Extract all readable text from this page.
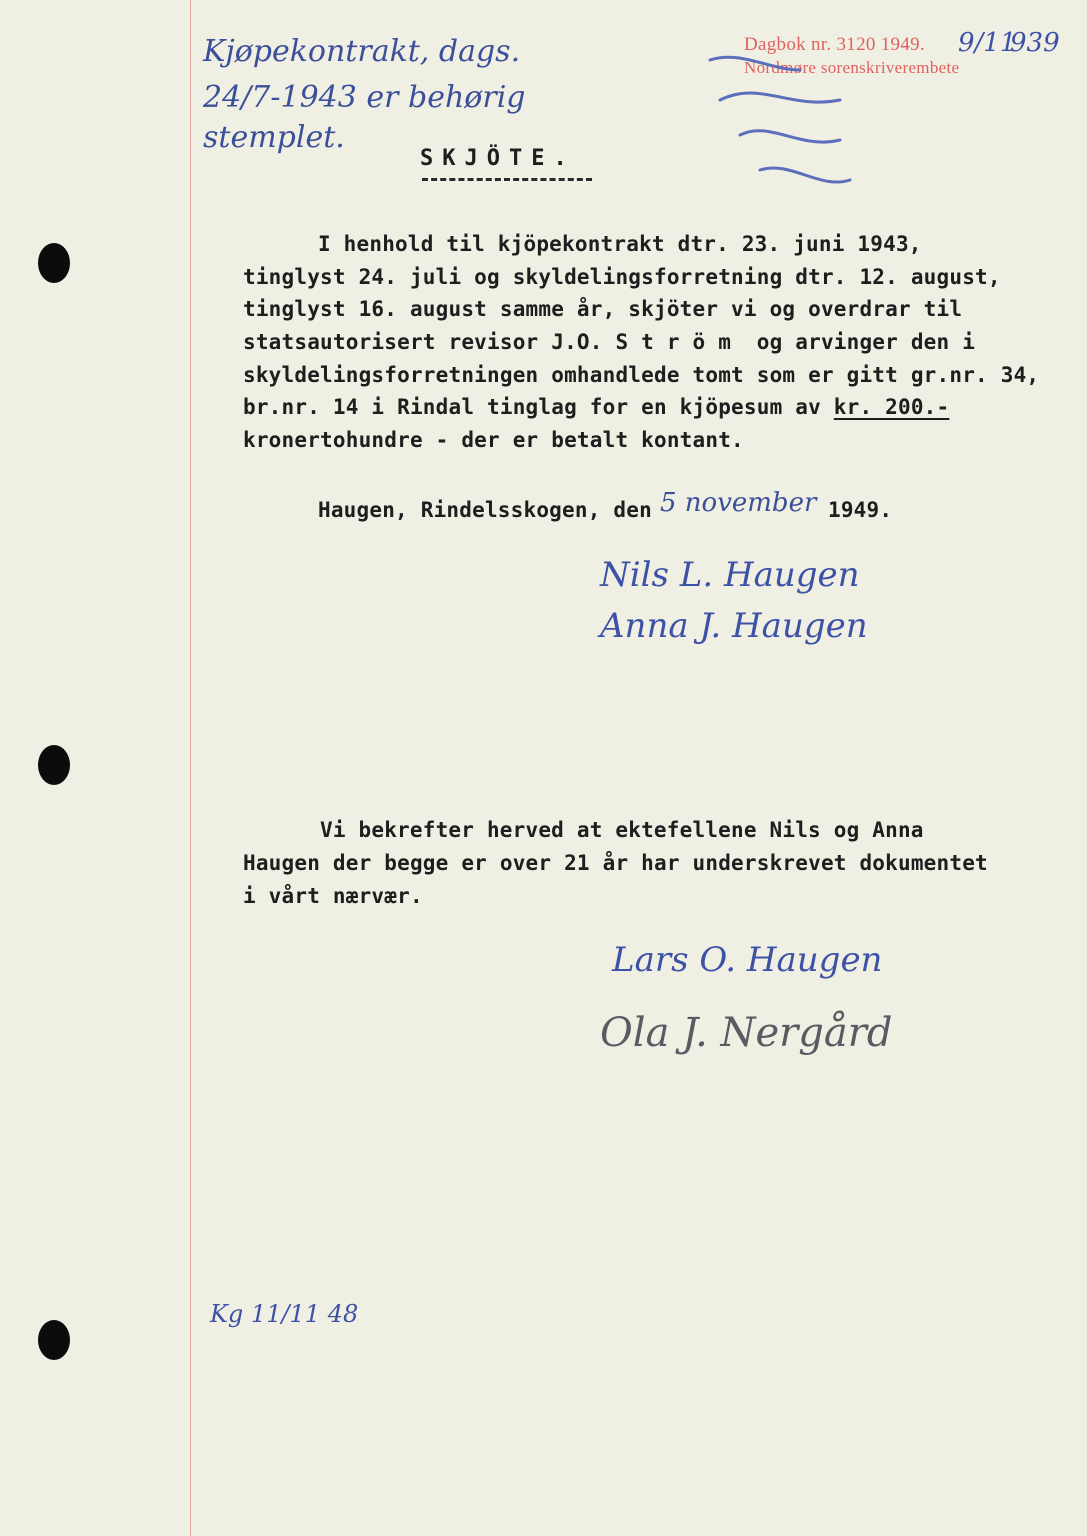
Dagbok nr. 3120 1949.
Nordmøre sorenskriverembete
9/11
939
Kjøpekontrakt, dags.
24/7-1943 er behørig
stemplet.
SKJÖTE.
I henhold til kjöpekontrakt dtr. 23. juni 1943,
tinglyst 24. juli og skyldelingsforretning dtr. 12. august,
tinglyst 16. august samme år, skjöter vi og overdrar til
statsautorisert revisor J.O. S t r ö m  og arvinger den i
skyldelingsforretningen omhandlede tomt som er gitt gr.nr. 34,
br.nr. 14 i Rindal tinglag for en kjöpesum av kr. 200.-
kronertohundre - der er betalt kontant.
Haugen, Rindelsskogen, den 5 november 1949.
Nils L. Haugen
Anna J. Haugen
Vi bekrefter herved at ektefellene Nils og Anna
Haugen der begge er over 21 år har underskrevet dokumentet
i vårt nærvær.
Lars O. Haugen
Ola J. Nergård
Kg 11/11 48
